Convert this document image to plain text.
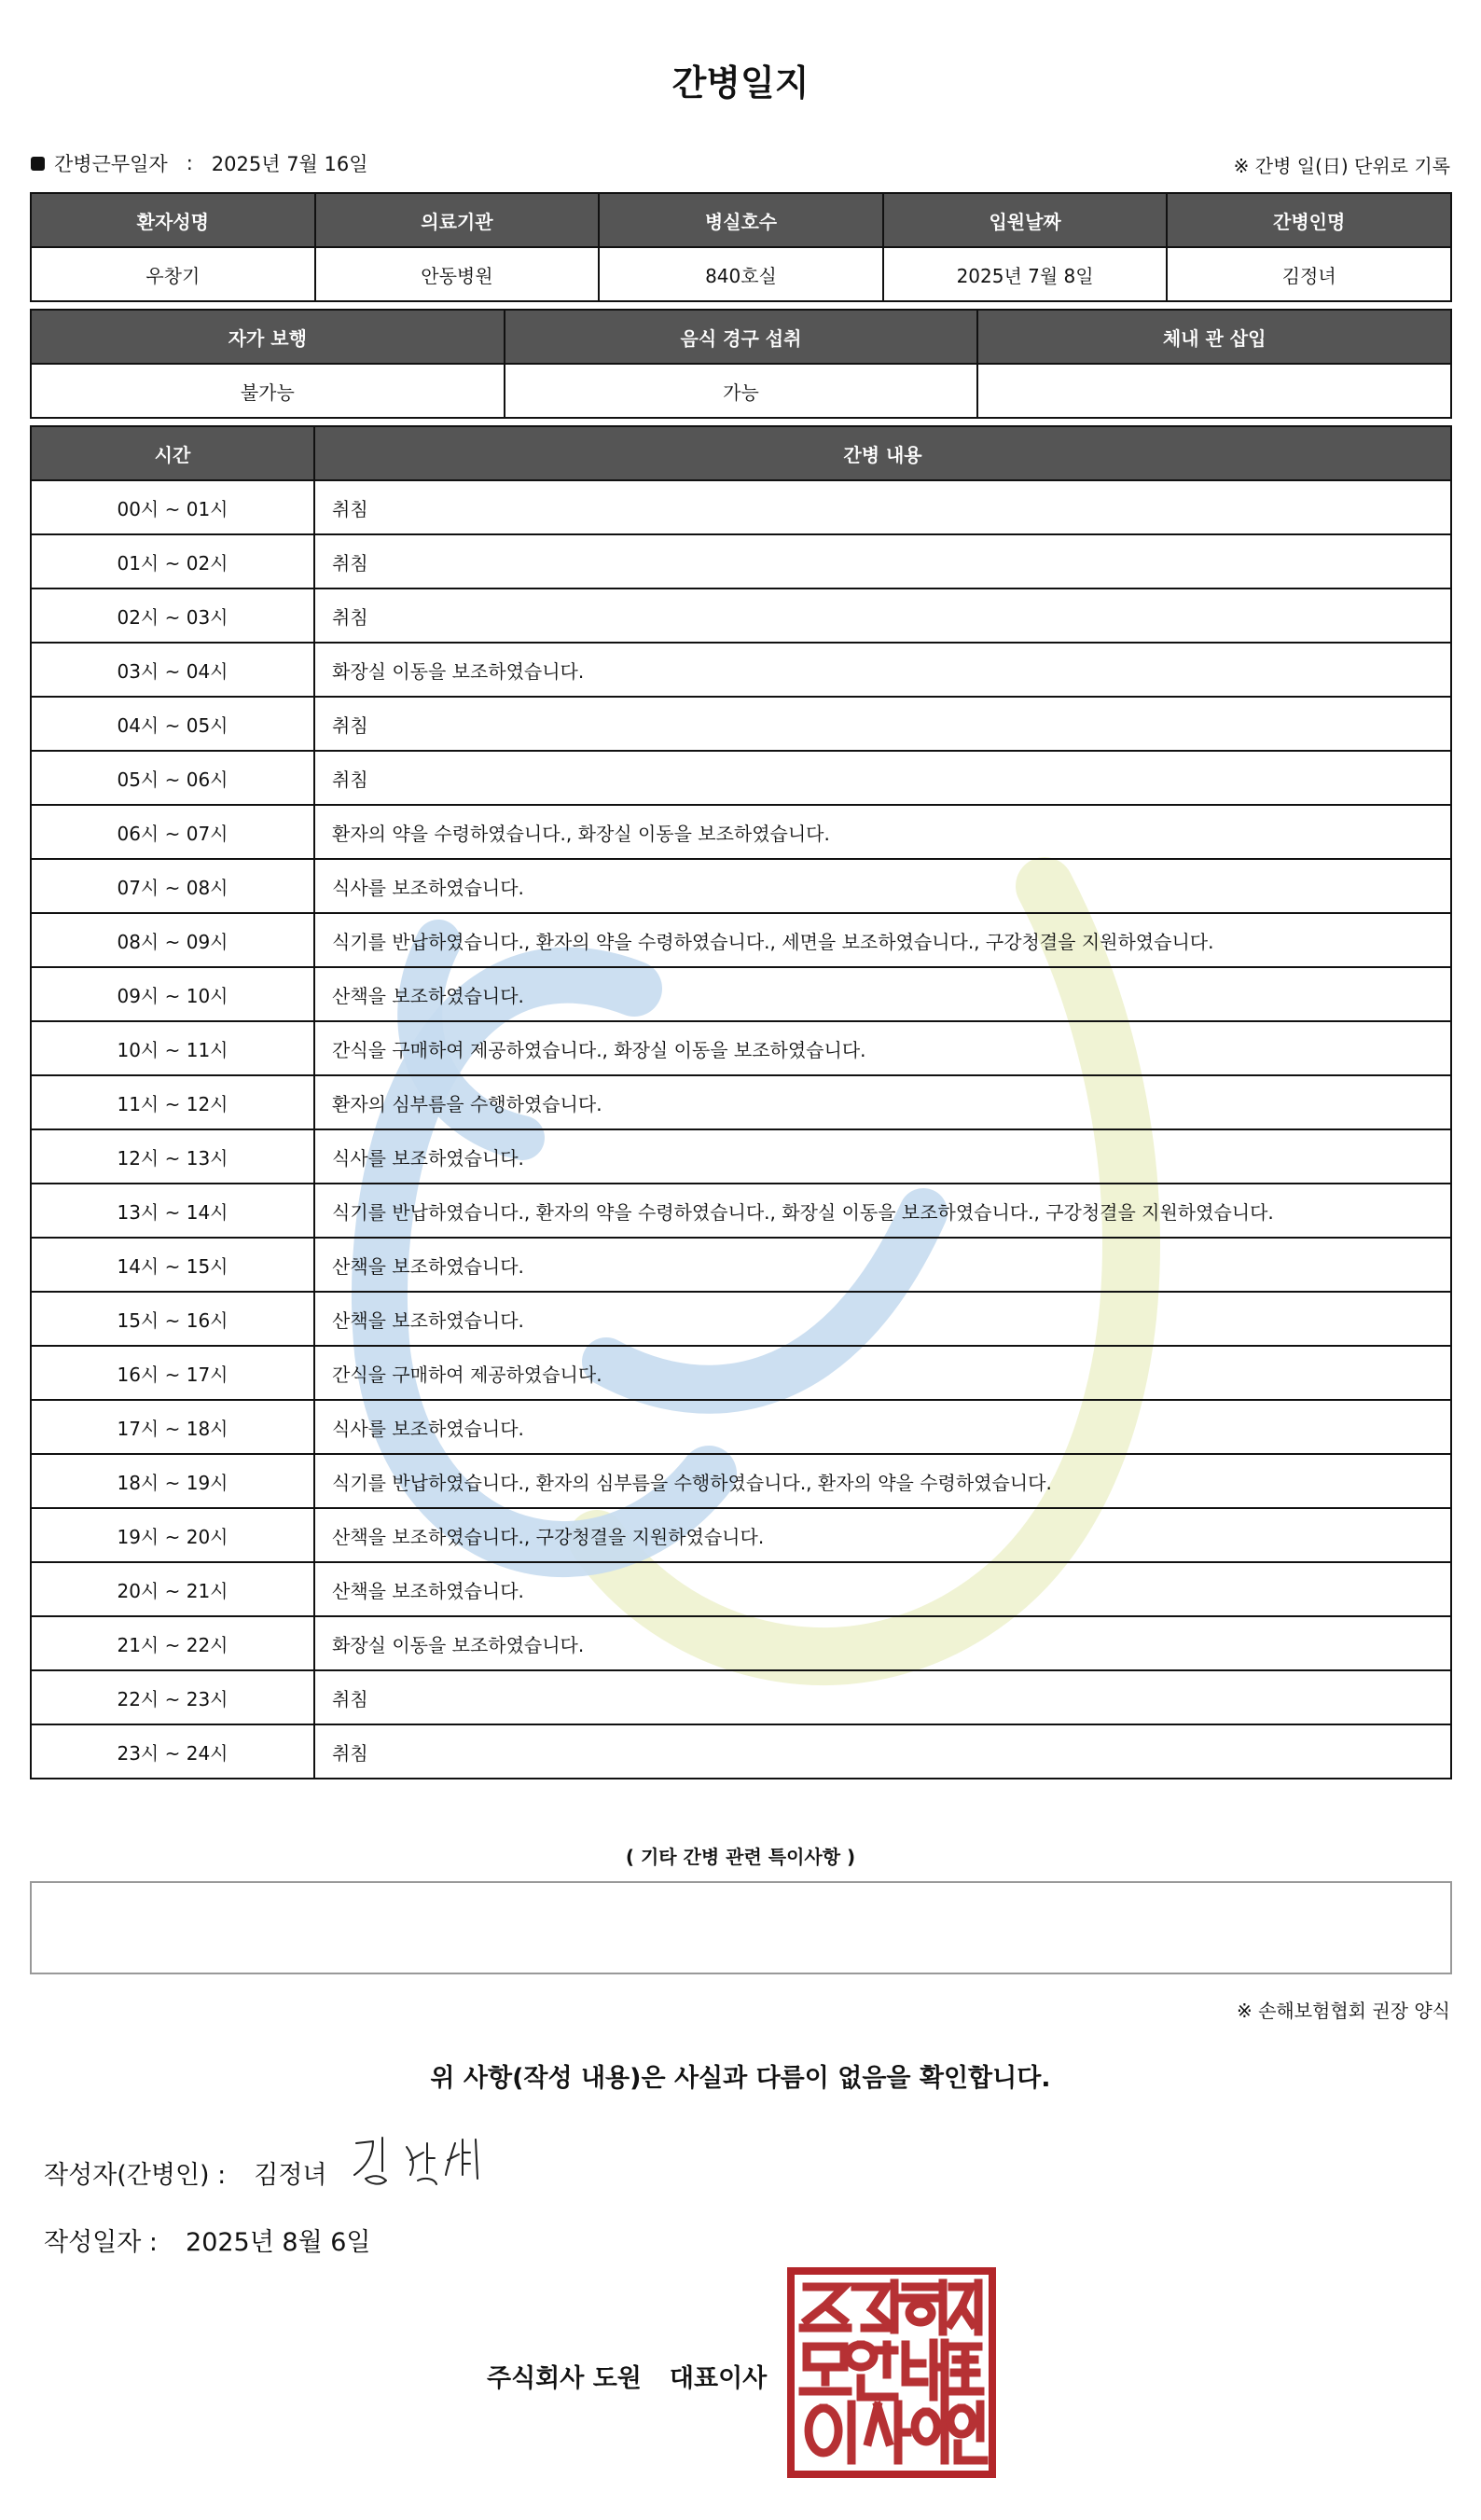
간병일지
간병근무일자 : 2025년 7월 16일	※ 간병 일(日) 단위로 기록
환자성명	의료기관	병실호수	입원날짜	간병인명
우창기	안동병원	840호실	2025년 7월 8일	김정녀
자가 보행	음식 경구 섭취	체내 관 삽입
불가능	가능	
시간	간병 내용
00시 ~ 01시	취침
01시 ~ 02시	취침
02시 ~ 03시	취침
03시 ~ 04시	화장실 이동을 보조하였습니다.
04시 ~ 05시	취침
05시 ~ 06시	취침
06시 ~ 07시	환자의 약을 수령하였습니다., 화장실 이동을 보조하였습니다.
07시 ~ 08시	식사를 보조하였습니다.
08시 ~ 09시	식기를 반납하였습니다., 환자의 약을 수령하였습니다., 세면을 보조하였습니다., 구강청결을 지원하였습니다.
09시 ~ 10시	산책을 보조하였습니다.
10시 ~ 11시	간식을 구매하여 제공하였습니다., 화장실 이동을 보조하였습니다.
11시 ~ 12시	환자의 심부름을 수행하였습니다.
12시 ~ 13시	식사를 보조하였습니다.
13시 ~ 14시	식기를 반납하였습니다., 환자의 약을 수령하였습니다., 화장실 이동을 보조하였습니다., 구강청결을 지원하였습니다.
14시 ~ 15시	산책을 보조하였습니다.
15시 ~ 16시	산책을 보조하였습니다.
16시 ~ 17시	간식을 구매하여 제공하였습니다.
17시 ~ 18시	식사를 보조하였습니다.
18시 ~ 19시	식기를 반납하였습니다., 환자의 심부름을 수행하였습니다., 환자의 약을 수령하였습니다.
19시 ~ 20시	산책을 보조하였습니다., 구강청결을 지원하였습니다.
20시 ~ 21시	산책을 보조하였습니다.
21시 ~ 22시	화장실 이동을 보조하였습니다.
22시 ~ 23시	취침
23시 ~ 24시	취침
( 기타 간병 관련 특이사항 )
※ 손해보험협회 권장 양식
위 사항(작성 내용)은 사실과 다름이 없음을 확인합니다.
작성자(간병인) : 김정녀
작성일자 : 2025년 8월 6일
주식회사 도원 대표이사
